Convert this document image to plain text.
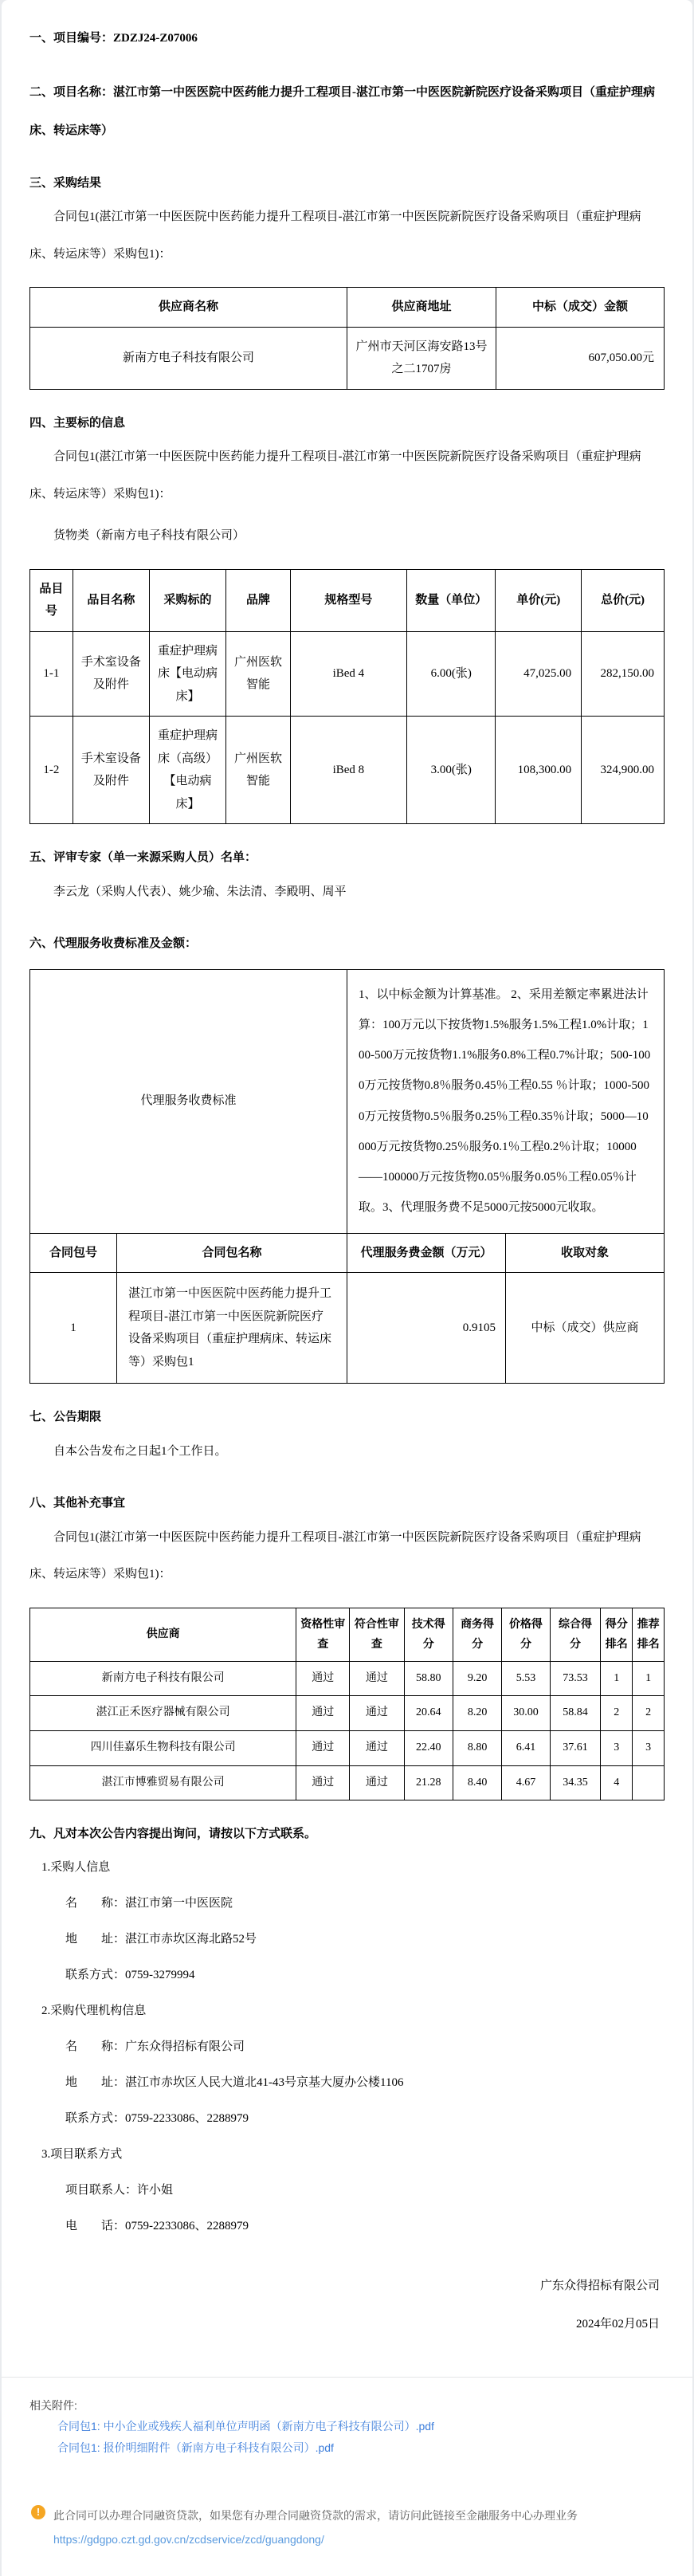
一、项目编号：ZDZJ24-Z07006
二、项目名称：湛江市第一中医医院中医药能力提升工程项目-湛江市第一中医医院新院医疗设备采购项目（重症护理病床、转运床等）
三、采购结果
合同包1(湛江市第一中医医院中医药能力提升工程项目-湛江市第一中医医院新院医疗设备采购项目（重症护理病床、转运床等）采购包1)：
供应商名称	供应商地址	中标（成交）金额
新南方电子科技有限公司	广州市天河区海安路13号之二1707房	607,050.00元
四、主要标的信息
合同包1(湛江市第一中医医院中医药能力提升工程项目-湛江市第一中医医院新院医疗设备采购项目（重症护理病床、转运床等）采购包1)：
货物类（新南方电子科技有限公司）
品目号	品目名称	采购标的	品牌	规格型号	数量（单位）	单价(元)	总价(元)
1-1	手术室设备及附件	重症护理病床【电动病床】	广州医软智能	iBed 4	6.00(张)	47,025.00	282,150.00
1-2	手术室设备及附件	重症护理病床（高级）【电动病床】	广州医软智能	iBed 8	3.00(张)	108,300.00	324,900.00
五、评审专家（单一来源采购人员）名单：
李云龙（采购人代表）、姚少瑜、朱法清、李殿明、周平
六、代理服务收费标准及金额：
代理服务收费标准		1、以中标金额为计算基准。 2、采用差额定率累进法计算：100万元以下按货物1.5%服务1.5%工程1.0%计取；100-500万元按货物1.1%服务0.8%工程0.7%计取；500-1000万元按货物0.8％服务0.45％工程0.55 ％计取；1000-5000万元按货物0.5％服务0.25％工程0.35％计取；5000—10000万元按货物0.25％服务0.1％工程0.2％计取；10000——100000万元按货物0.05％服务0.05％工程0.05％计取。3、代理服务费不足5000元按5000元收取。	
合同包号	合同包名称	代理服务费金额（万元）	收取对象
1	湛江市第一中医医院中医药能力提升工程项目-湛江市第一中医医院新院医疗设备采购项目（重症护理病床、转运床等）采购包1	0.9105	中标（成交）供应商
七、公告期限
自本公告发布之日起1个工作日。
八、其他补充事宜
合同包1(湛江市第一中医医院中医药能力提升工程项目-湛江市第一中医医院新院医疗设备采购项目（重症护理病床、转运床等）采购包1)：
供应商	资格性审查	符合性审查	技术得分	商务得分	价格得分	综合得分	得分排名	推荐排名
新南方电子科技有限公司	通过	通过	58.80	9.20	5.53	73.53	1	1
湛江正禾医疗器械有限公司	通过	通过	20.64	8.20	30.00	58.84	2	2
四川佳嘉乐生物科技有限公司	通过	通过	22.40	8.80	6.41	37.61	3	3
湛江市博雅贸易有限公司	通过	通过	21.28	8.40	4.67	34.35	4	
九、凡对本次公告内容提出询问，请按以下方式联系。
1.采购人信息
名　　称：湛江市第一中医医院
地　　址：湛江市赤坎区海北路52号
联系方式：0759-3279994
2.采购代理机构信息
名　　称：广东众得招标有限公司
地　　址：湛江市赤坎区人民大道北41-43号京基大厦办公楼1106
联系方式：0759-2233086、2288979
3.项目联系方式
项目联系人：许小姐
电　　话：0759-2233086、2288979
广东众得招标有限公司
2024年02月05日
相关附件:
合同包1: 中小企业或残疾人福利单位声明函（新南方电子科技有限公司）.pdf
合同包1: 报价明细附件（新南方电子科技有限公司）.pdf
!	此合同可以办理合同融资贷款，如果您有办理合同融资贷款的需求，请访问此链接至金融服务中心办理业务
https://gdgpo.czt.gd.gov.cn/zcdservice/zcd/guangdong/
